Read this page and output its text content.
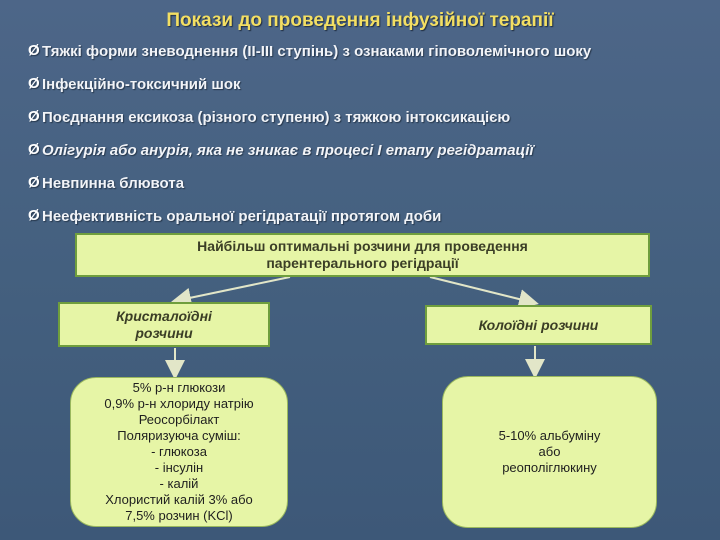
Покази до проведення інфузійної терапії
Ø Тяжкі форми зневоднення (ІІ-ІІІ ступінь) з ознаками гіповолемічного шоку
Ø Інфекційно-токсичний шок
Ø Поєднання ексикоза (різного ступеню) з тяжкою інтоксикацією
Ø Олігурія або анурія, яка не зникає в процесі І етапу регідратації
Ø Невпинна блювота
Ø Неефективність оральної регідратації протягом доби
Найбільш оптимальні розчини для проведення
парентерального регідрації
Кристалоїдні
розчини	Колоїдні розчини
5% р-н глюкози
0,9% р-н хлориду натрію
Реосорбілакт
Поляризуюча суміш:
- глюкоза
- інсулін
- калій
Хлористий калій 3% або
7,5% розчин (KCl)
5-10% альбуміну
або
реополіглюкину
